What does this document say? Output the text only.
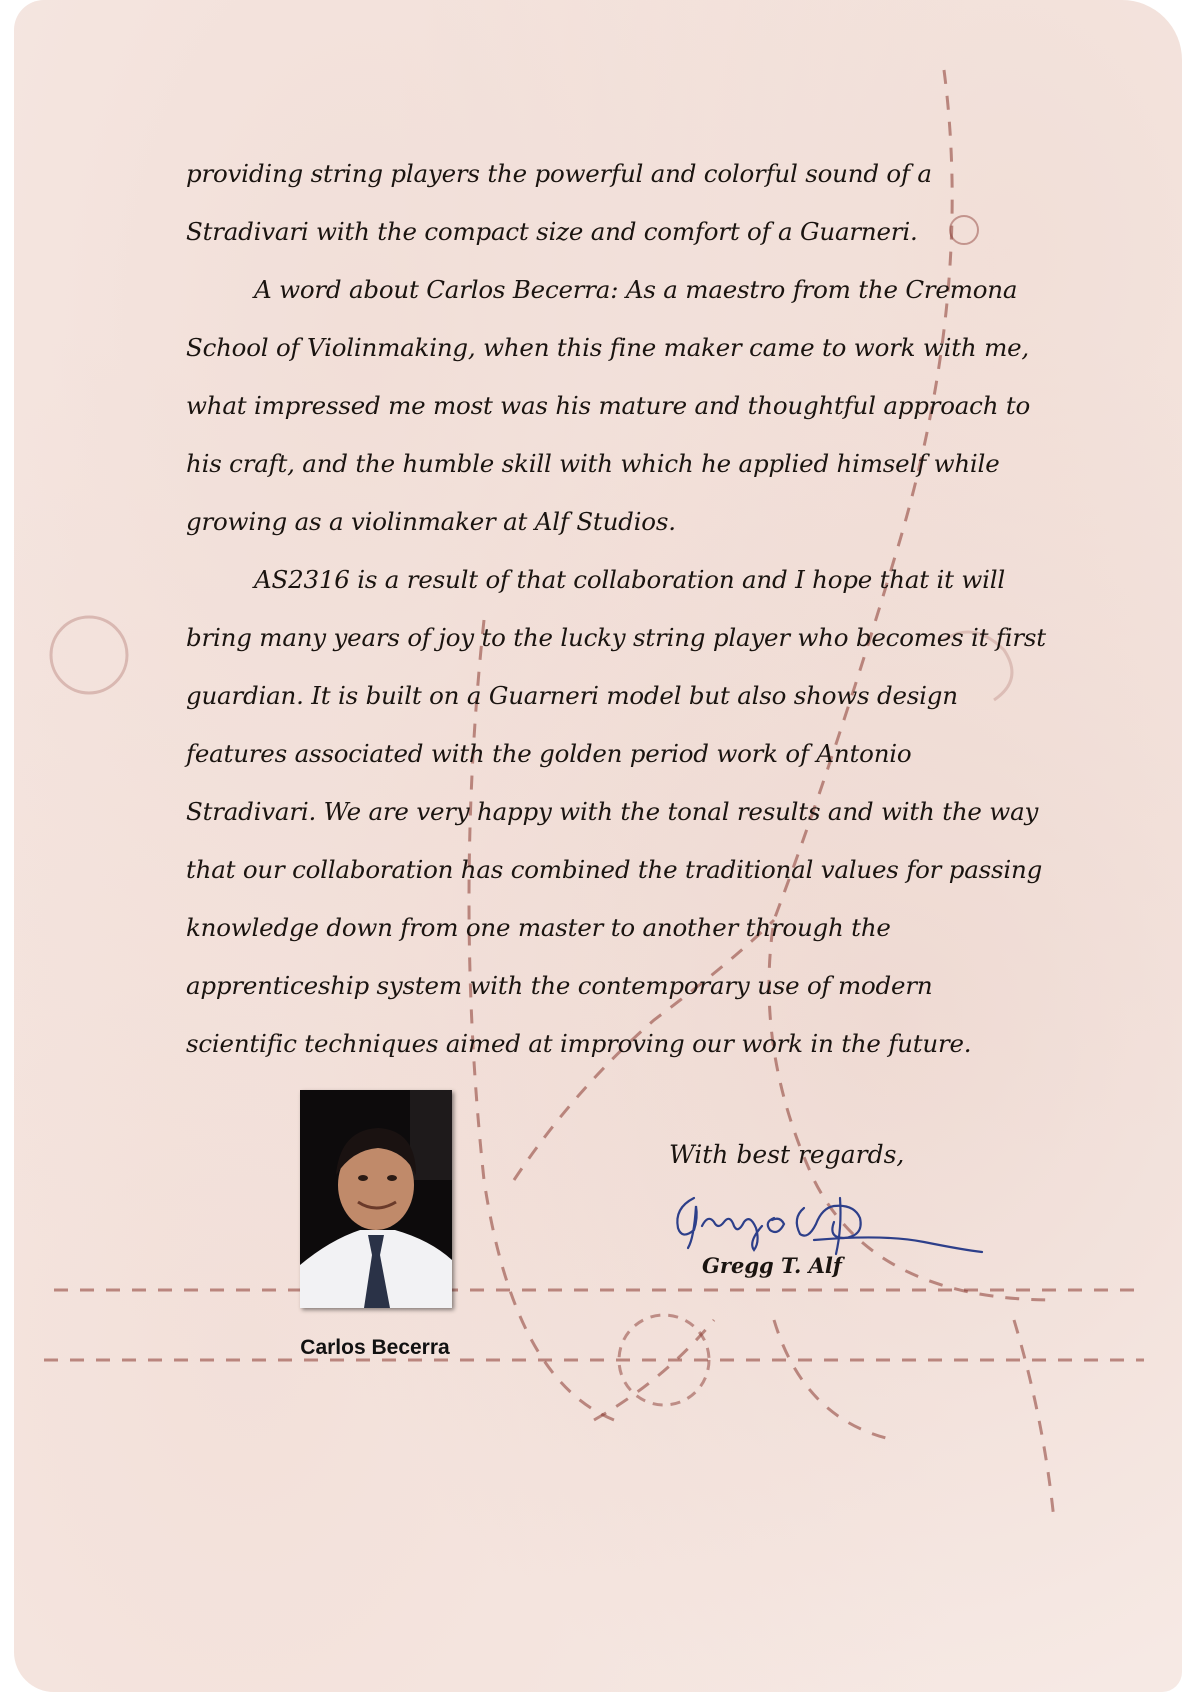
providing string players the powerful and colorful sound of a Stradivari with the compact size and comfort of a Guarneri.

A word about Carlos Becerra: As a maestro from the Cremona School of Violinmaking, when this fine maker came to work with me, what impressed me most was his mature and thoughtful approach to his craft, and the humble skill with which he applied himself while growing as a violinmaker at Alf Studios.

AS2316 is a result of that collaboration and I hope that it will bring many years of joy to the lucky string player who becomes it first guardian. It is built on a Guarneri model but also shows design features associated with the golden period work of Antonio Stradivari. We are very happy with the tonal results and with the way that our collaboration has combined the traditional values for passing knowledge down from one master to another through the apprenticeship system with the contemporary use of modern scientific techniques aimed at improving our work in the future.

Carlos Becerra
With best regards,
Gregg T. Alf
